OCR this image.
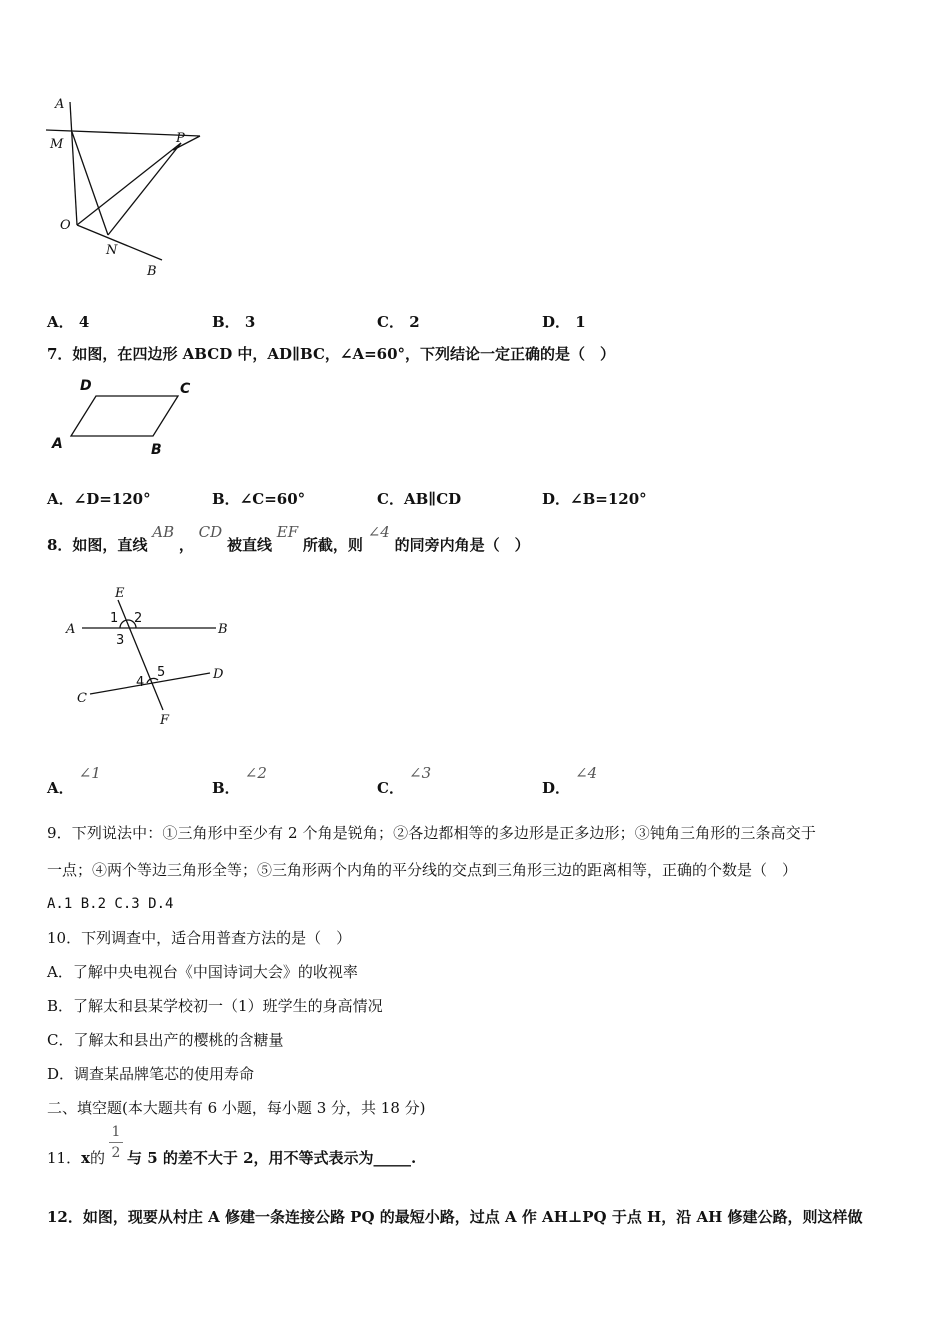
A
M	P
O
N
B
A． 4	B． 3	C． 2	D． 1
7．如图，在四边形 ABCD 中，AD∥BC，∠A=60°，下列结论一定正确的是（　）
D	C
A	B
A．∠D=120°	B．∠C=60°	C．AB∥CD	D．∠B=120°
8．如图，直线 AB ， CD 被直线 EF 所截，则 ∠4 的同旁内角是（　）
E
A	B
C
D
F
1 2
3
4
5
A． ∠1
B． ∠2
C． ∠3
D． ∠4
9．下列说法中：①三角形中至少有 2 个角是锐角；②各边都相等的多边形是正多边形；③钝角三角形的三条高交于
一点；④两个等边三角形全等；⑤三角形两个内角的平分线的交点到三角形三边的距离相等，正确的个数是（　）
A.1 B.2 C.3 D.4
10．下列调查中，适合用普查方法的是（　）
A．了解中央电视台《中国诗词大会》的收视率
B．了解太和县某学校初一（1）班学生的身高情况
C．了解太和县出产的樱桃的含糖量
D．调查某品牌笔芯的使用寿命
二、填空题(本大题共有 6 小题，每小题 3 分，共 18 分)
11．x的
1
2 与 5 的差不大于 2，用不等式表示为_____.
12．如图，现要从村庄 A 修建一条连接公路 PQ 的最短小路，过点 A 作 AH⊥PQ 于点 H，沿 AH 修建公路，则这样做
